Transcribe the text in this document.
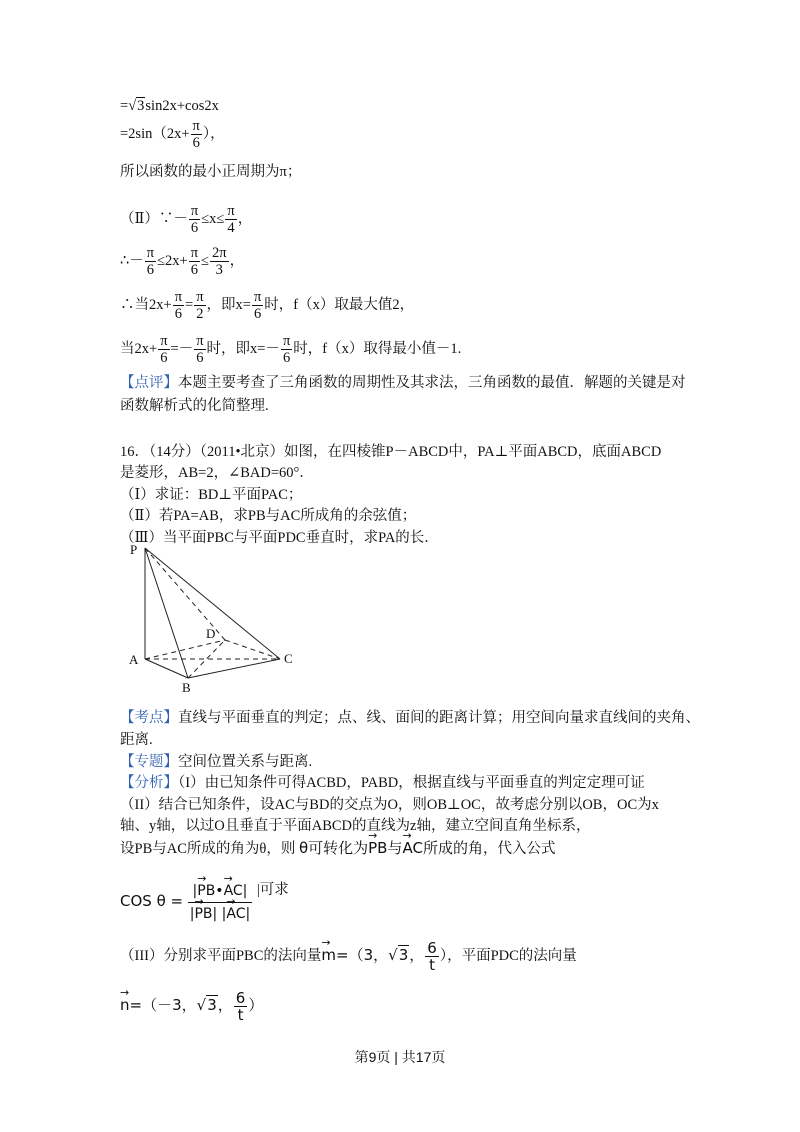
=√3sin2x+cos2x
$=2\sin(2x+ \frac{\pi}{6}$ ），
所以函数的最小正周期为π；
（Ⅱ）∵－ $\frac{\pi}{6} \le x\le \frac{\pi}{4}$ ，
∴－ $\frac{\pi}{6} \le 2x+ \frac{\pi}{6} \le \frac{2\pi}{3}$ ，
∴当$2x+ \frac{\pi}{6} = \frac{\pi}{2}$ ，即$x= \frac{\pi}{6}$ 时，f（x）取最大值2，
当$2x+ \frac{\pi}{6} =- \frac{\pi}{6}$ 时，即$x=- \frac{\pi}{6}$ 时，f（x）取得最小值－1.
【点评】本题主要考查了三角函数的周期性及其求法，三角函数的最值．解题的关键是对
函数解析式的化简整理.
16．（14分）（2011•北京）如图，在四棱锥P－ABCD中，PA⊥平面ABCD，底面ABCD
是菱形，AB=2，∠BAD=60°．
（Ⅰ）求证：BD⊥平面PAC；
（Ⅱ）若PA=AB，求PB与AC所成角的余弦值；
（Ⅲ）当平面PBC与平面PDC垂直时，求PA的长．
P
A
B
C
D
【考点】直线与平面垂直的判定；点、线、面间的距离计算；用空间向量求直线间的夹角、
距离.
【专题】空间位置关系与距离.
【分析】（I）由已知条件可得ACBD，PABD，根据直线与平面垂直的判定定理可证
（II）结合已知条件，设AC与BD的交点为O，则OB⊥OC，故考虑分别以OB，OC为x
轴、y轴，以过O且垂直于平面ABCD的直线为z轴，建立空间直角坐标系，
设PB与AC所成的角为θ，则 θ可转化为→ PB与→ AC所成的角，代入公式
COS $\theta = \frac{|\to PB•\to AC|}{|\to PB| |\to AC|}$ |可求
（III）分别求平面PBC的法向量→ m=（3，√3， $\frac{6}{t}$ ），平面PDC的法向量
→ n=（－3，√3， $\frac{6}{t}$ ）
第9页 | 共17页
